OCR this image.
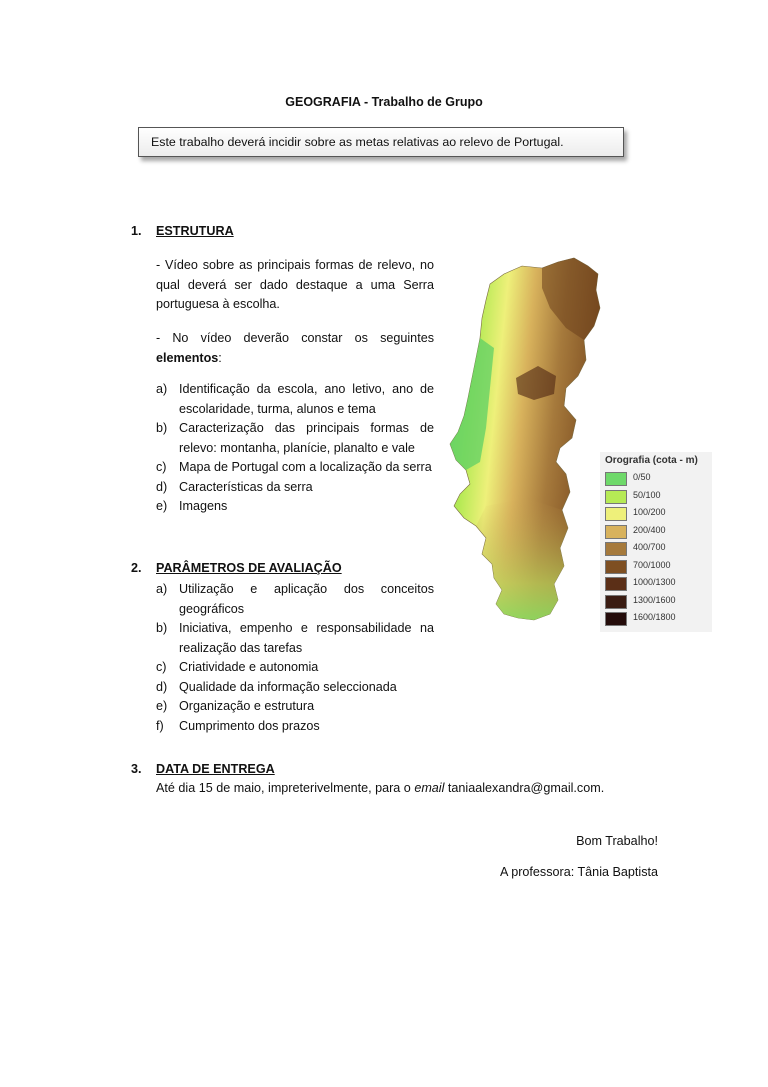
GEOGRAFIA - Trabalho de Grupo
Este trabalho deverá incidir sobre as metas relativas ao relevo de Portugal.
1. ESTRUTURA
- Vídeo sobre as principais formas de relevo, no qual deverá ser dado destaque a uma Serra portuguesa à escolha.
- No vídeo deverão constar os seguintes elementos:
a) Identificação da escola, ano letivo, ano de escolaridade, turma, alunos e tema
b) Caracterização das principais formas de relevo: montanha, planície, planalto e vale
c) Mapa de Portugal com a localização da serra
d) Características da serra
e) Imagens
2. PARÂMETROS DE AVALIAÇÃO
a) Utilização e aplicação dos conceitos geográficos
b) Iniciativa, empenho e responsabilidade na realização das tarefas
c) Criatividade e autonomia
d) Qualidade da informação seleccionada
e) Organização e estrutura
f) Cumprimento dos prazos
3. DATA DE ENTREGA
Até dia 15 de maio, impreterivelmente, para o email taniaalexandra@gmail.com.
Bom Trabalho!
A professora: Tânia Baptista
Orografia (cota - m)
0/50
50/100
100/200
200/400
400/700
700/1000
1000/1300
1300/1600
1600/1800
